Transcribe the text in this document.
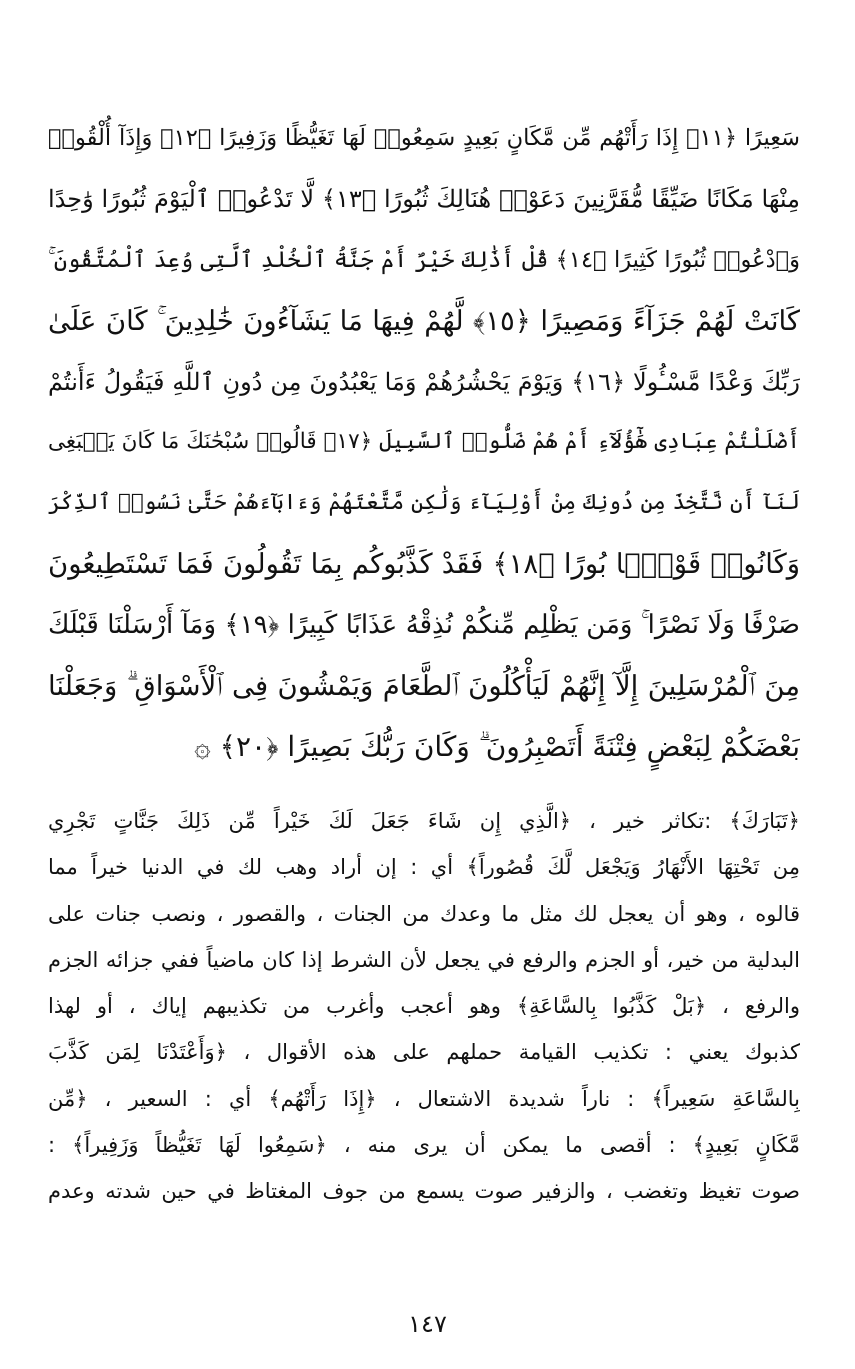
سَعِيرًا ﴿١١﴾ إِذَا رَأَتْهُم مِّن مَّكَانٍ بَعِيدٍ سَمِعُوا۟ لَهَا تَغَيُّظًا وَزَفِيرًا ﴿١٢﴾ وَإِذَآ أُلْقُوا۟
مِنْهَا مَكَانًا ضَيِّقًا مُّقَرَّنِينَ دَعَوْا۟ هُنَالِكَ ثُبُورًا ﴿١٣﴾ لَّا تَدْعُوا۟ ٱلْيَوْمَ ثُبُورًا وَٰحِدًا
وَٱدْعُوا۟ ثُبُورًا كَثِيرًا ﴿١٤﴾ قُلْ أَذَٰلِكَ خَيْرٌ أَمْ جَنَّةُ ٱلْخُلْدِ ٱلَّتِى وُعِدَ ٱلْمُتَّقُونَ ۚ
كَانَتْ لَهُمْ جَزَآءً وَمَصِيرًا ﴿١٥﴾ لَّهُمْ فِيهَا مَا يَشَآءُونَ خَٰلِدِينَ ۚ كَانَ عَلَىٰ
رَبِّكَ وَعْدًا مَّسْـُٔولًا ﴿١٦﴾ وَيَوْمَ يَحْشُرُهُمْ وَمَا يَعْبُدُونَ مِن دُونِ ٱللَّهِ فَيَقُولُ ءَأَنتُمْ
أَضْلَلْتُمْ عِبَادِى هَٰٓؤُلَآءِ أَمْ هُمْ ضَلُّوا۟ ٱلسَّبِيلَ ﴿١٧﴾ قَالُوا۟ سُبْحَٰنَكَ مَا كَانَ يَنۢبَغِى
لَنَآ أَن نَّتَّخِذَ مِن دُونِكَ مِنْ أَوْلِيَآءَ وَلَٰكِن مَّتَّعْتَهُمْ وَءَابَآءَهُمْ حَتَّىٰ نَسُوا۟ ٱلذِّكْرَ
وَكَانُوا۟ قَوْمًۢا بُورًا ﴿١٨﴾ فَقَدْ كَذَّبُوكُم بِمَا تَقُولُونَ فَمَا تَسْتَطِيعُونَ
صَرْفًا وَلَا نَصْرًا ۚ وَمَن يَظْلِم مِّنكُمْ نُذِقْهُ عَذَابًا كَبِيرًا ﴿١٩﴾ وَمَآ أَرْسَلْنَا قَبْلَكَ
مِنَ ٱلْمُرْسَلِينَ إِلَّآ إِنَّهُمْ لَيَأْكُلُونَ ٱلطَّعَامَ وَيَمْشُونَ فِى ٱلْأَسْوَاقِ ۗ وَجَعَلْنَا
بَعْضَكُمْ لِبَعْضٍ فِتْنَةً أَتَصْبِرُونَ ۗ وَكَانَ رَبُّكَ بَصِيرًا ﴿٢٠﴾ ۞
﴿تَبَارَكَ﴾ :تكاثر خير ، ﴿الَّذِي إِن شَاءَ جَعَلَ لَكَ خَيْراً مِّن ذَلِكَ جَنَّاتٍ تَجْرِي
مِن تَحْتِهَا الأَنْهَارُ وَيَجْعَل لَّكَ قُصُوراً﴾ أي : إن أراد وهب لك في الدنيا خيراً مما
قالوه ، وهو أن يعجل لك مثل ما وعدك من الجنات ، والقصور ، ونصب جنات على
البدلية من خير، أو الجزم والرفع في يجعل لأن الشرط إذا كان ماضياً ففي جزائه الجزم
والرفع ، ﴿بَلْ كَذَّبُوا بِالسَّاعَةِ﴾ وهو أعجب وأغرب من تكذيبهم إياك ، أو لهذا
كذبوك يعني : تكذيب القيامة حملهم على هذه الأقوال ، ﴿وَأَعْتَدْنَا لِمَن كَذَّبَ
بِالسَّاعَةِ سَعِيراً﴾ : ناراً شديدة الاشتعال ، ﴿إِذَا رَأَتْهُم﴾ أي : السعير ، ﴿مِّن
مَّكَانٍ بَعِيدٍ﴾ : أقصى ما يمكن أن يرى منه ، ﴿سَمِعُوا لَهَا تَغَيُّظاً وَزَفِيراً﴾ :
صوت تغيظ وتغضب ، والزفير صوت يسمع من جوف المغتاظ في حين شدته وعدم
١٤٧
